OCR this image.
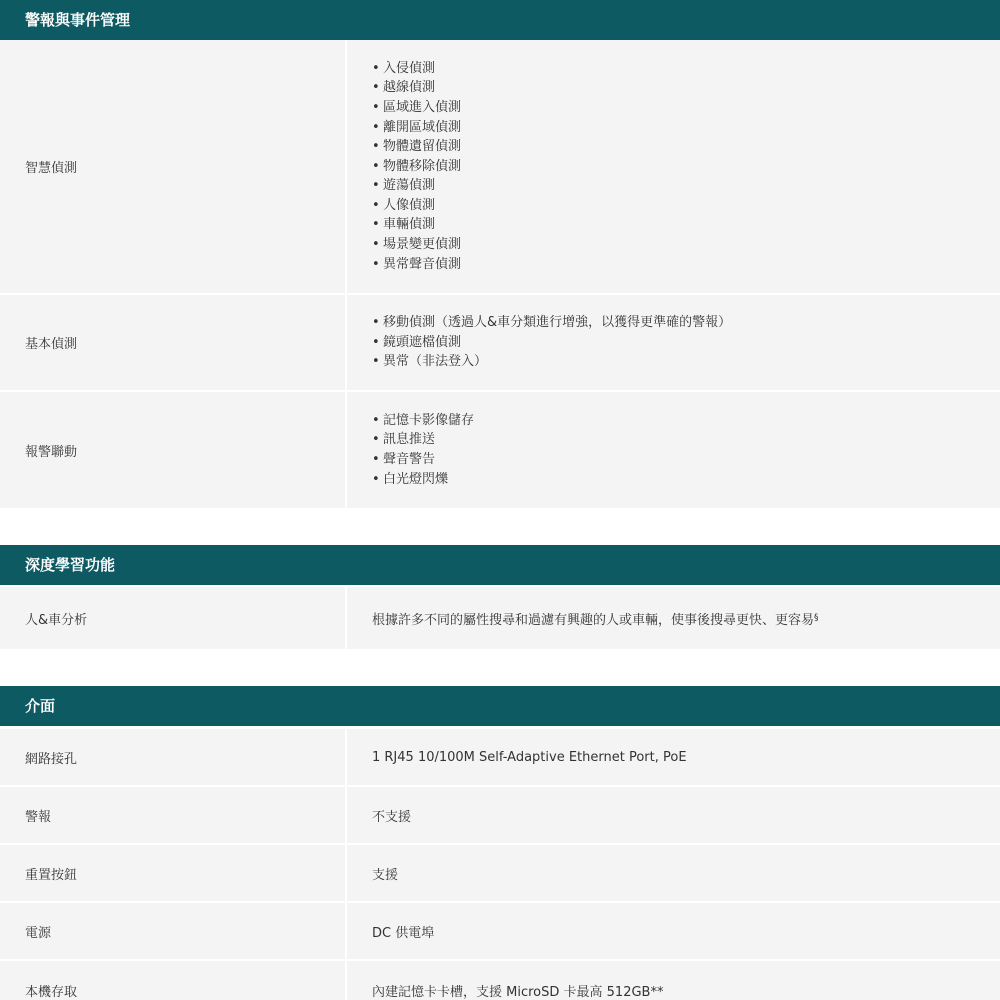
警報與事件管理
智慧偵測
• 入侵偵測
• 越線偵測
• 區域進入偵測
• 離開區域偵測
• 物體遺留偵測
• 物體移除偵測
• 遊蕩偵測
• 人像偵測
• 車輛偵測
• 場景變更偵測
• 異常聲音偵測
基本偵測
• 移動偵測（透過人&車分類進行增強，以獲得更準確的警報）
• 鏡頭遮檔偵測
• 異常（非法登入）
報警聯動
• 記憶卡影像儲存
• 訊息推送
• 聲音警告
• 白光燈閃爍
深度學習功能
人&車分析	根據許多不同的屬性搜尋和過濾有興趣的人或車輛，使事後搜尋更快、更容易 §
介面
網路接孔	1 RJ45 10/100M Self-Adaptive Ethernet Port, PoE
警報	不支援
重置按鈕	支援
電源	DC 供電埠
本機存取	內建記憶卡卡槽，支援 MicroSD 卡最高 512GB**
